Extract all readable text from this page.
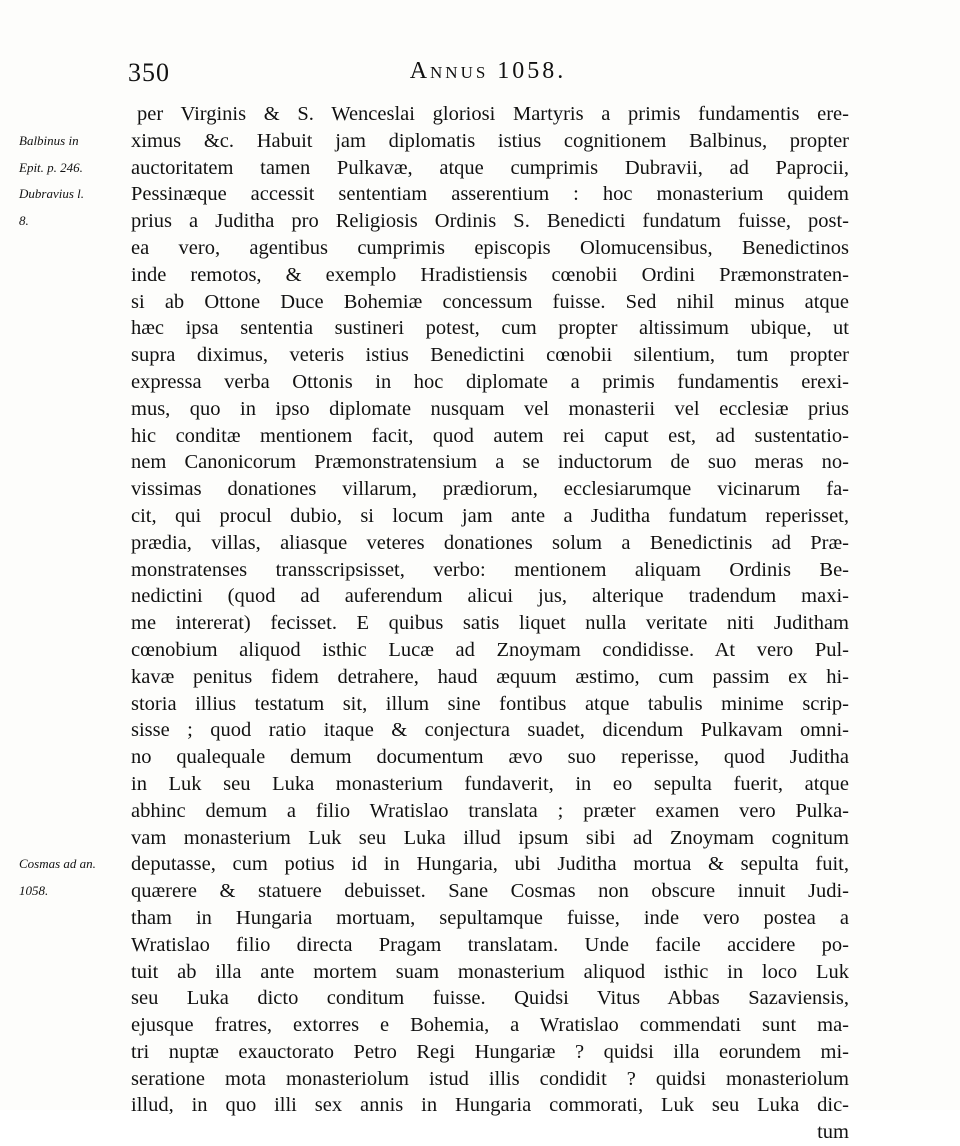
350	Annus 1058.
per Virginis & S. Wenceslai gloriosi Martyris a primis fundamentis ere-
ximus &c. Habuit jam diplomatis istius cognitionem Balbinus, propter
auctoritatem tamen Pulkavæ, atque cumprimis Dubravii, ad Paprocii,
Pessinæque accessit sententiam asserentium : hoc monasterium quidem
prius a Juditha pro Religiosis Ordinis S. Benedicti fundatum fuisse, post-
ea vero, agentibus cumprimis episcopis Olomucensibus, Benedictinos
inde remotos, & exemplo Hradistiensis cœnobii Ordini Præmonstraten-
si ab Ottone Duce Bohemiæ concessum fuisse. Sed nihil minus atque
hæc ipsa sententia sustineri potest, cum propter altissimum ubique, ut
supra diximus, veteris istius Benedictini cœnobii silentium, tum propter
expressa verba Ottonis in hoc diplomate a primis fundamentis erexi-
mus, quo in ipso diplomate nusquam vel monasterii vel ecclesiæ prius
hic conditæ mentionem facit, quod autem rei caput est, ad sustentatio-
nem Canonicorum Præmonstratensium a se inductorum de suo meras no-
vissimas donationes villarum, prædiorum, ecclesiarumque vicinarum fa-
cit, qui procul dubio, si locum jam ante a Juditha fundatum reperisset,
prædia, villas, aliasque veteres donationes solum a Benedictinis ad Præ-
monstratenses transscripsisset, verbo: mentionem aliquam Ordinis Be-
nedictini (quod ad auferendum alicui jus, alterique tradendum maxi-
me intererat) fecisset. E quibus satis liquet nulla veritate niti Juditham
cœnobium aliquod isthic Lucæ ad Znoymam condidisse. At vero Pul-
kavæ penitus fidem detrahere, haud æquum æstimo, cum passim ex hi-
storia illius testatum sit, illum sine fontibus atque tabulis minime scrip-
sisse ; quod ratio itaque & conjectura suadet, dicendum Pulkavam omni-
no qualequale demum documentum ævo suo reperisse, quod Juditha
in Luk seu Luka monasterium fundaverit, in eo sepulta fuerit, atque
abhinc demum a filio Wratislao translata ; præter examen vero Pulka-
vam monasterium Luk seu Luka illud ipsum sibi ad Znoymam cognitum
deputasse, cum potius id in Hungaria, ubi Juditha mortua & sepulta fuit,
quærere & statuere debuisset. Sane Cosmas non obscure innuit Judi-
tham in Hungaria mortuam, sepultamque fuisse, inde vero postea a
Wratislao filio directa Pragam translatam. Unde facile accidere po-
tuit ab illa ante mortem suam monasterium aliquod isthic in loco Luk
seu Luka dicto conditum fuisse. Quidsi Vitus Abbas Sazaviensis,
ejusque fratres, extorres e Bohemia, a Wratislao commendati sunt ma-
tri nuptæ exauctorato Petro Regi Hungariæ ? quidsi illa eorundem mi-
seratione mota monasteriolum istud illis condidit ? quidsi monasteriolum
illud, in quo illi sex annis in Hungaria commorati, Luk seu Luka dic-
tum
Balbinus in
Epit. p. 246.
Dubravius l.
8.
Cosmas ad an.
1058.
